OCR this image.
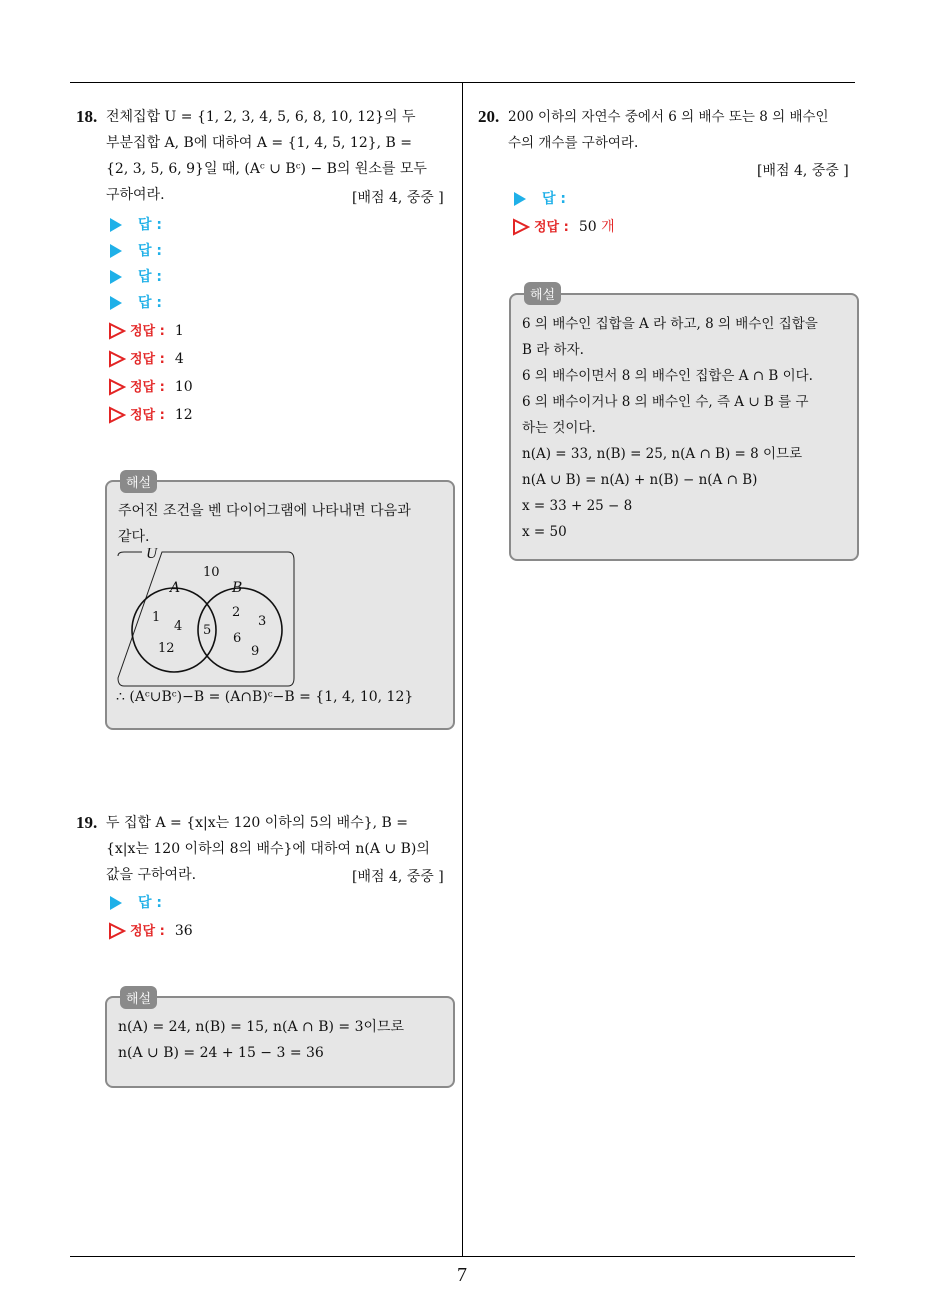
7
18. 전체집합 U = {1, 2, 3, 4, 5, 6, 8, 10, 12}의 두
부분집합 A, B에 대하여 A = {1, 4, 5, 12}, B =
{2, 3, 5, 6, 9}일 때, (Aᶜ ∪ Bᶜ) − B의 원소를 모두
구하여라.	[배점 4, 중중 ]
답 :
답 :
답 :
답 :
정답 : 1
정답 : 4
정답 : 10
정답 : 12
해설

주어진 조건을 벤 다이어그램에 나타내면 다음과

같다.

U
A	B
10
1
4
12
5
2
3
6
9
∴ (Aᶜ∪Bᶜ)−B = (A∩B)ᶜ−B = {1, 4, 10, 12}
19. 두 집합 A = {x|x는 120 이하의 5의 배수}, B =
{x|x는 120 이하의 8의 배수}에 대하여 n(A ∪ B)의
값을 구하여라.	[배점 4, 중중 ]
답 :
정답 : 36
해설

n(A) = 24, n(B) = 15, n(A ∩ B) = 3이므로

n(A ∪ B) = 24 + 15 − 3 = 36

20. 200 이하의 자연수 중에서 6 의 배수 또는 8 의 배수인
수의 개수를 구하여라.
[배점 4, 중중 ]
답 :
정답 : 50 개
해설

6 의 배수인 집합을 A 라 하고, 8 의 배수인 집합을

B 라 하자.

6 의 배수이면서 8 의 배수인 집합은 A ∩ B 이다.

6 의 배수이거나 8 의 배수인 수, 즉 A ∪ B 를 구

하는 것이다.

n(A) = 33, n(B) = 25, n(A ∩ B) = 8 이므로

n(A ∪ B) = n(A) + n(B) − n(A ∩ B)

x = 33 + 25 − 8

x = 50
